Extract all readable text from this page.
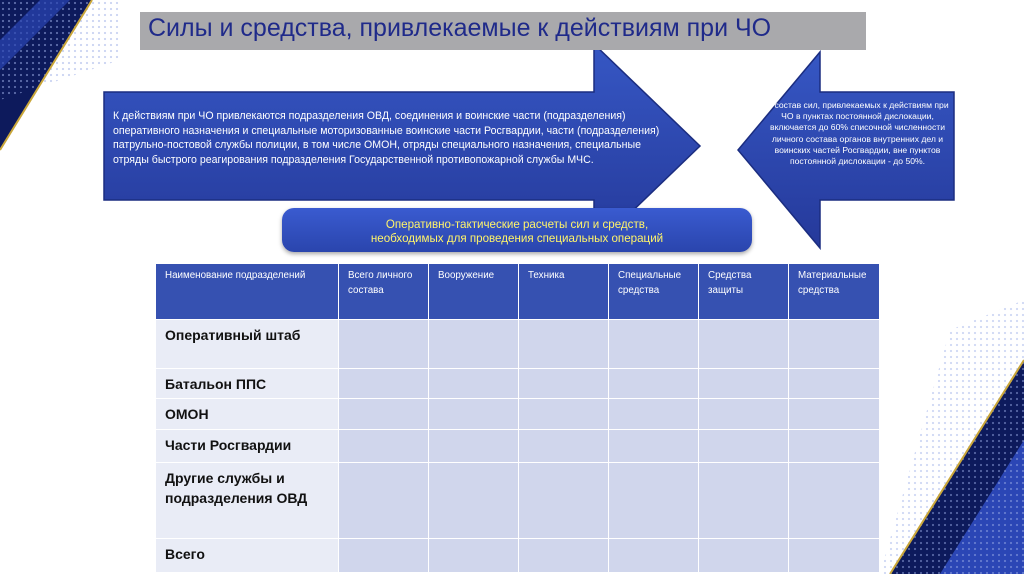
Силы и средства, привлекаемые к действиям при ЧО
К действиям при ЧО привлекаются подразделения ОВД, соединения и воинские части (подразделения) оперативного назначения и специальные моторизованные воинские части Росгвардии, части (подразделения) патрульно-постовой службы полиции, в том числе ОМОН, отряды специального назначения, специальные отряды быстрого реагирования подразделения Государственной противопожарной службы МЧС.
В состав сил, привлекаемых к действиям при ЧО в пунктах постоянной дислокации, включается до 60% списочной численности личного состава органов внутренних дел и воинских частей Росгвардии, вне пунктов постоянной дислокации - до 50%.
Оперативно-тактические расчеты сил и средств,
необходимых для проведения специальных операций
Наименование подразделений	Всего личного состава	Вооружение	Техника	Специальные средства	Средства защиты	Материальные средства
Оперативный штаб						
Батальон ППС						
ОМОН						
Части Росгвардии						
Другие службы и подразделения ОВД						
Всего						
